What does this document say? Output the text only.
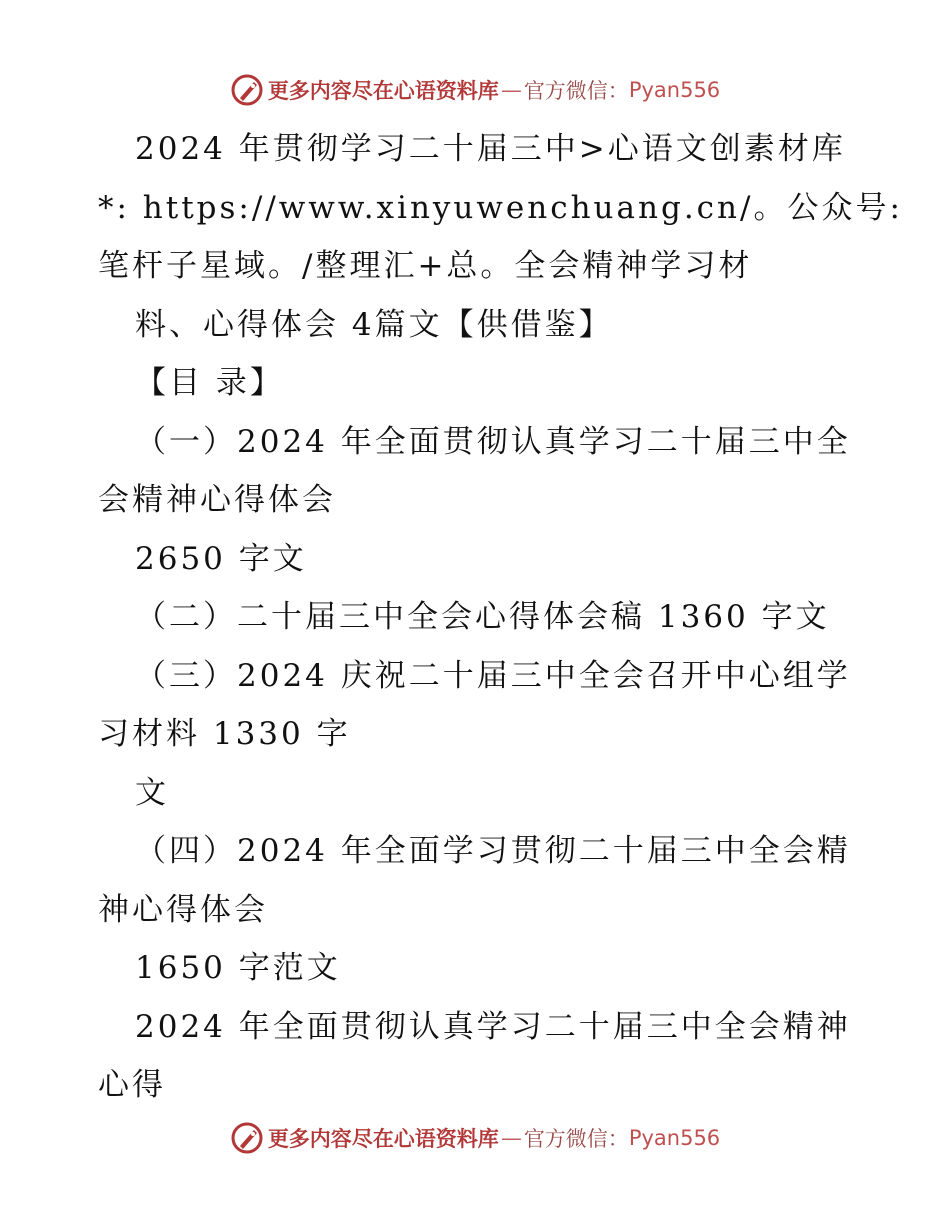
更多内容尽在心语资料库 — 官方微信： Pyan556
2024 年贯彻学习二十届三中>心语文创素材库
*: https://www.xinyuwenchuang.cn/。公众号:
笔杆子星域。/整理汇+总。全会精神学习材
料、心得体会 4篇文【供借鉴】
【目 录】
（一）2024 年全面贯彻认真学习二十届三中全
会精神心得体会
2650 字文
（二）二十届三中全会心得体会稿 1360 字文
（三）2024 庆祝二十届三中全会召开中心组学
习材料 1330 字
文
（四）2024 年全面学习贯彻二十届三中全会精
神心得体会
1650 字范文
2024 年全面贯彻认真学习二十届三中全会精神
心得
更多内容尽在心语资料库 — 官方微信： Pyan556
